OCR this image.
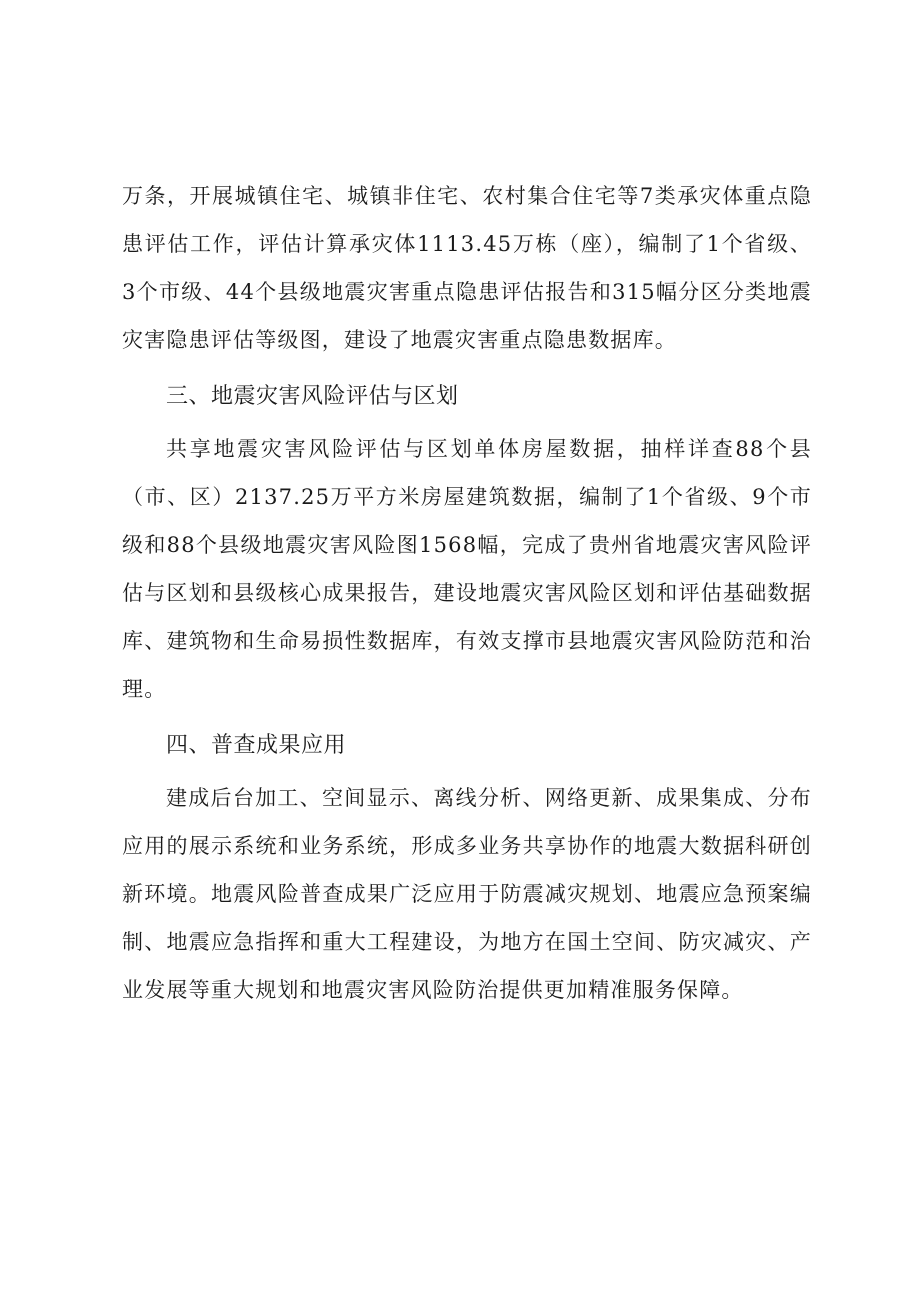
万条，开展城镇住宅、城镇非住宅、农村集合住宅等7类承灾体重点隐患评估工作，评估计算承灾体1113.45万栋（座），编制了1个省级、3个市级、44个县级地震灾害重点隐患评估报告和315幅分区分类地震灾害隐患评估等级图，建设了地震灾害重点隐患数据库。

三、地震灾害风险评估与区划

共享地震灾害风险评估与区划单体房屋数据，抽样详查88个县（市、区）2137.25万平方米房屋建筑数据，编制了1个省级、9个市级和88个县级地震灾害风险图1568幅，完成了贵州省地震灾害风险评估与区划和县级核心成果报告，建设地震灾害风险区划和评估基础数据库、建筑物和生命易损性数据库，有效支撑市县地震灾害风险防范和治理。

四、普查成果应用

建成后台加工、空间显示、离线分析、网络更新、成果集成、分布应用的展示系统和业务系统，形成多业务共享协作的地震大数据科研创新环境。地震风险普查成果广泛应用于防震减灾规划、地震应急预案编制、地震应急指挥和重大工程建设，为地方在国土空间、防灾减灾、产业发展等重大规划和地震灾害风险防治提供更加精准服务保障。
